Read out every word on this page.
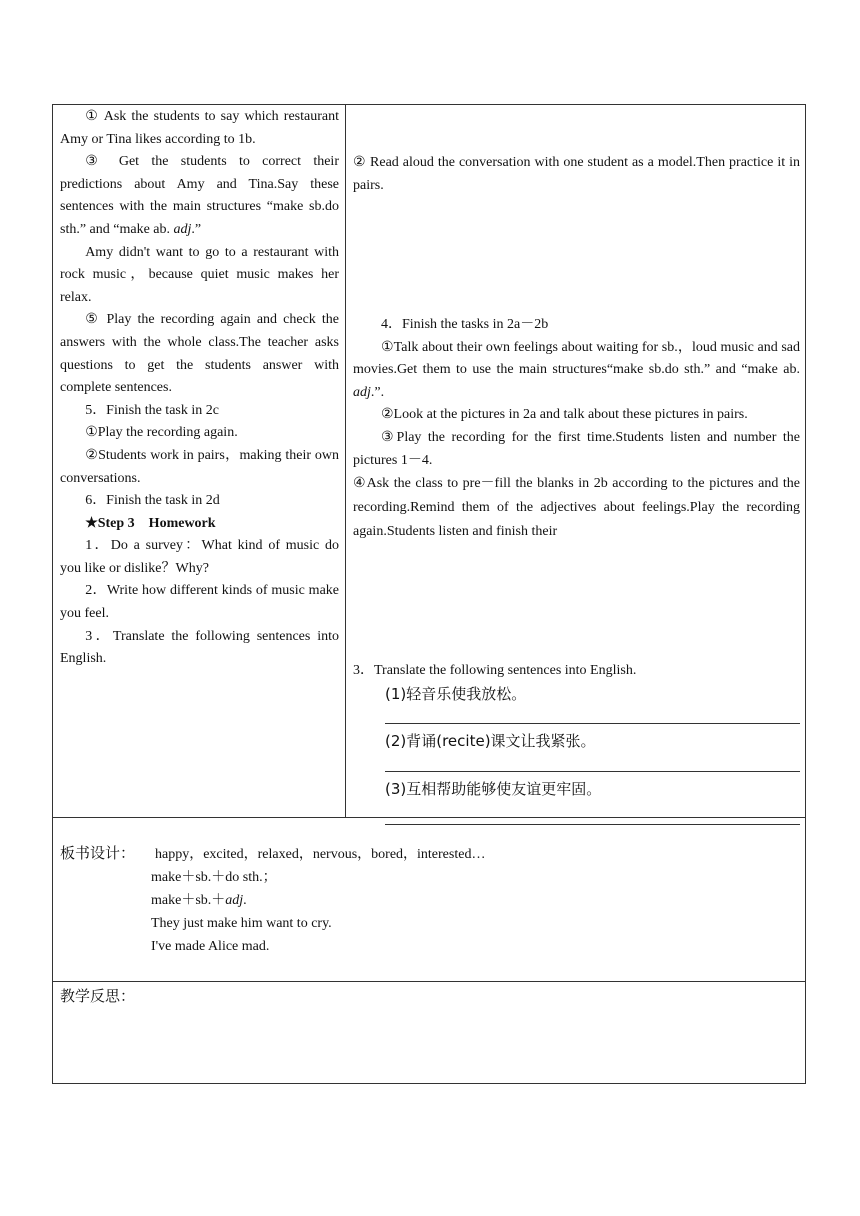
① Ask the students to say which restaurant Amy or Tina likes according to 1b.

③ Get the students to correct their predictions about Amy and Tina.Say these sentences with the main structures “make sb.do sth.” and “make ab. adj.”

Amy didn't want to go to a restaurant with rock music，because quiet music makes her relax.

⑤ Play the recording again and check the answers with the whole class.The teacher asks questions to get the students answer with complete sentences.

5．Finish the task in 2c

①Play the recording again.

②Students work in pairs，making their own conversations.

6．Finish the task in 2d

★Step 3　Homework

1．Do a survey：What kind of music do you like or dislike？Why?

2．Write how different kinds of music make you feel.

3．Translate the following sentences into English.

② Read aloud the conversation with one student as a model.Then practice it in pairs.

4．Finish the tasks in 2a－2b

①Talk about their own feelings about waiting for sb.，loud music and sad movies.Get them to use the main structures“make sb.do sth.” and “make ab. adj.”.

②Look at the pictures in 2a and talk about these pictures in pairs.

③Play the recording for the first time.Students listen and number the pictures 1－4.

④Ask the class to pre－fill the blanks in 2b according to the pictures and the recording.Remind them of the adjectives about feelings.Play the recording again.Students listen and finish their

3．Translate the following sentences into English.

(1)轻音乐使我放松。

(2)背诵(recite)课文让我紧张。

(3)互相帮助能够使友谊更牢固。

板书设计： happy，excited，relaxed，nervous，bored，interested…
make＋sb.＋do sth.；
make＋sb.＋adj.
They just make him want to cry.
I've made Alice mad.
教学反思：
